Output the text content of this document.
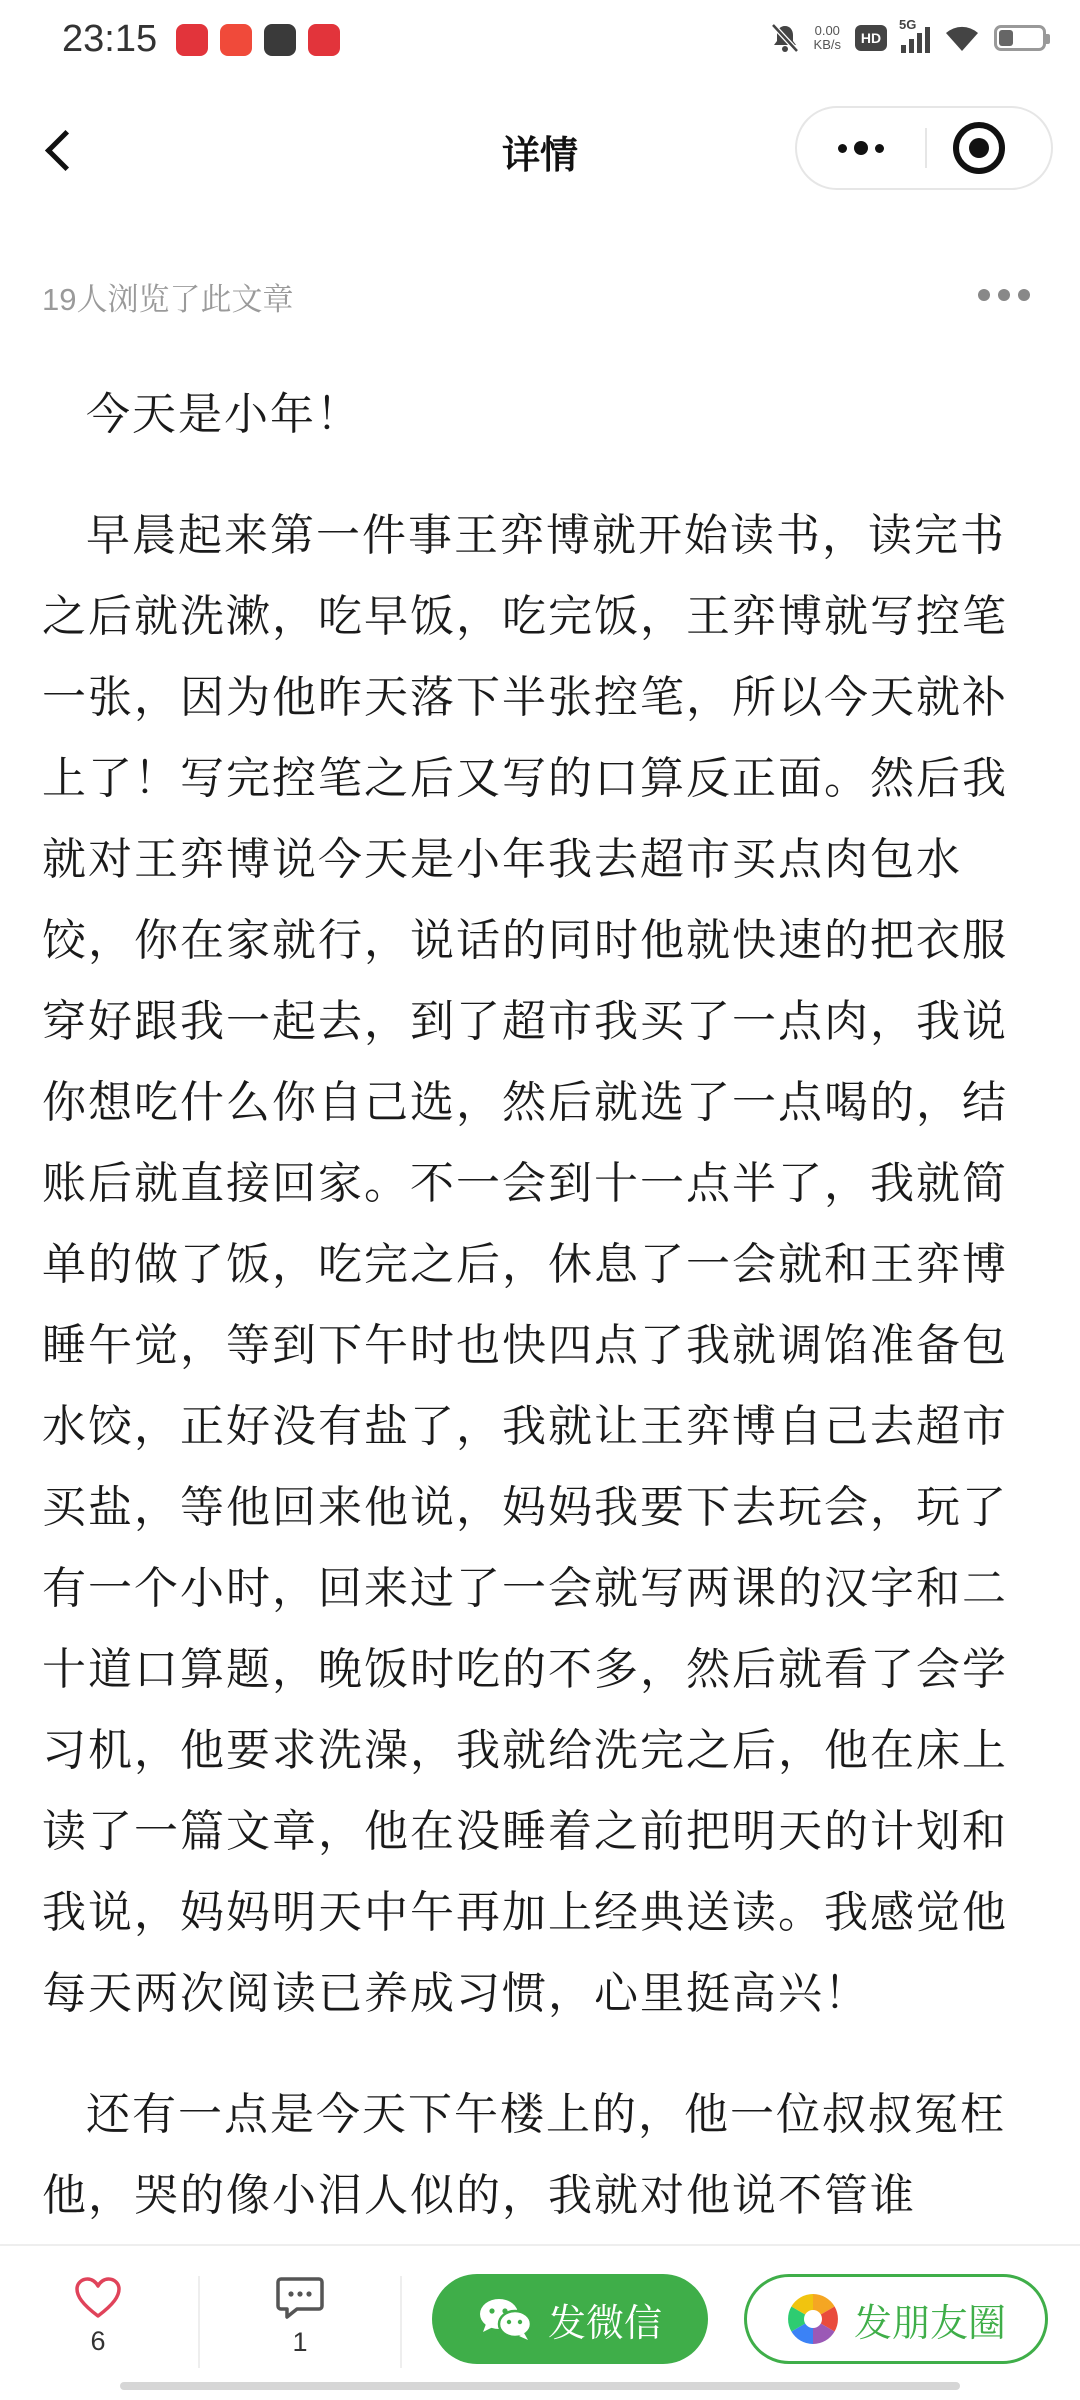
23:15	0.00
KB/s	HD
5G
详情
19人浏览了此文章

今天是小年！

早晨起来第一件事王弈博就开始读书，读完书之后就洗漱，吃早饭，吃完饭，王弈博就写控笔一张，因为他昨天落下半张控笔，所以今天就补上了！写完控笔之后又写的口算反正面。然后我就对王弈博说今天是小年我去超市买点肉包水饺，你在家就行，说话的同时他就快速的把衣服穿好跟我一起去，到了超市我买了一点肉，我说你想吃什么你自己选，然后就选了一点喝的，结账后就直接回家。不一会到十一点半了，我就简单的做了饭，吃完之后，休息了一会就和王弈博睡午觉，等到下午时也快四点了我就调馅准备包水饺，正好没有盐了，我就让王弈博自己去超市买盐，等他回来他说，妈妈我要下去玩会，玩了有一个小时，回来过了一会就写两课的汉字和二十道口算题，晚饭时吃的不多，然后就看了会学习机，他要求洗澡，我就给洗完之后，他在床上读了一篇文章，他在没睡着之前把明天的计划和我说，妈妈明天中午再加上经典送读。我感觉他每天两次阅读已养成习惯，心里挺高兴！

还有一点是今天下午楼上的，他一位叔叔冤枉他，哭的像小泪人似的，我就对他说不管谁

6	1	发微信	发朋友圈
